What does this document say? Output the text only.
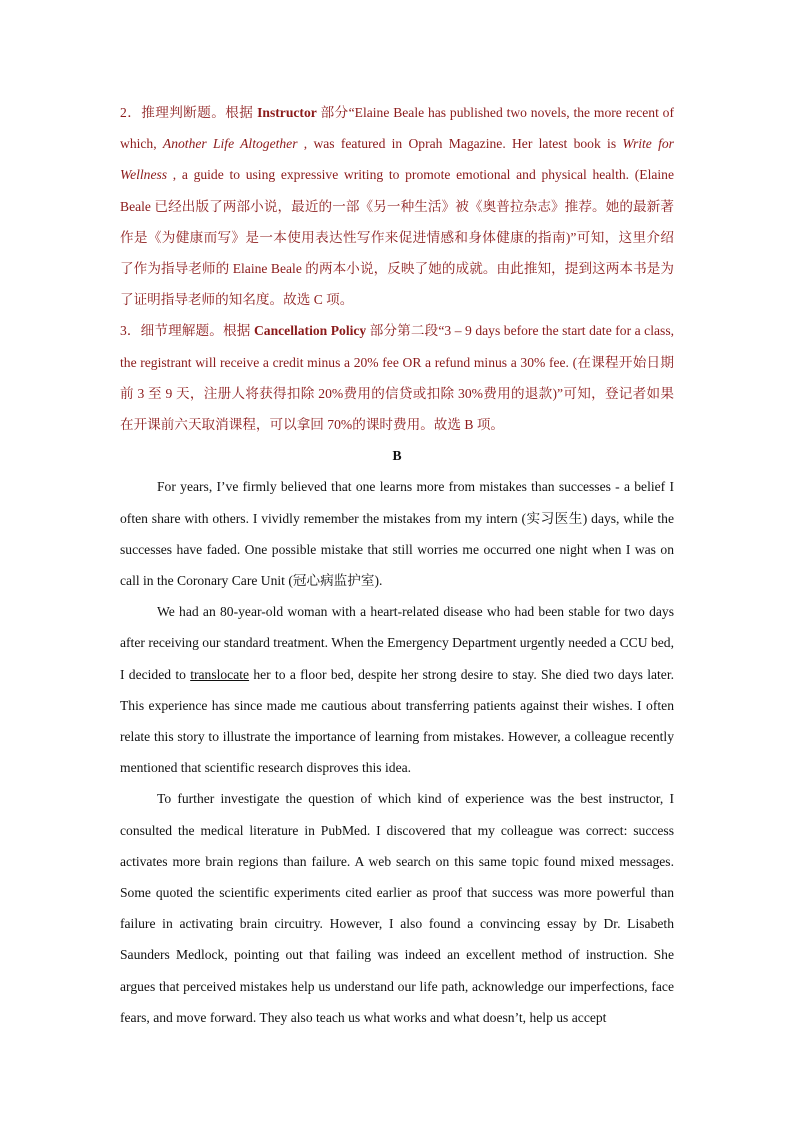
2．推理判断题。根据 Instructor 部分“Elaine Beale has published two novels, the more recent of which, Another Life Altogether , was featured in Oprah Magazine. Her latest book is Write for Wellness , a guide to using expressive writing to promote emotional and physical health. (Elaine Beale 已经出版了两部小说，最近的一部《另一种生活》被《奥普拉杂志》推荐。她的最新著作是《为健康而写》是一本使用表达性写作来促进情感和身体健康的指南)”可知，这里介绍了作为指导老师的 Elaine Beale 的两本小说，反映了她的成就。由此推知，提到这两本书是为了证明指导老师的知名度。故选 C 项。

3．细节理解题。根据 Cancellation Policy 部分第二段“3 – 9 days before the start date for a class, the registrant will receive a credit minus a 20% fee OR a refund minus a 30% fee. (在课程开始日期前 3 至 9 天，注册人将获得扣除 20%费用的信贷或扣除 30%费用的退款)”可知，登记者如果在开课前六天取消课程，可以拿回 70%的课时费用。故选 B 项。

B

For years, I’ve firmly believed that one learns more from mistakes than successes - a belief I often share with others. I vividly remember the mistakes from my intern (实习医生) days, while the successes have faded. One possible mistake that still worries me occurred one night when I was on call in the Coronary Care Unit (冠心病监护室).

We had an 80-year-old woman with a heart-related disease who had been stable for two days after receiving our standard treatment. When the Emergency Department urgently needed a CCU bed, I decided to translocate her to a floor bed, despite her strong desire to stay. She died two days later. This experience has since made me cautious about transferring patients against their wishes. I often relate this story to illustrate the importance of learning from mistakes. However, a colleague recently mentioned that scientific research disproves this idea.

To further investigate the question of which kind of experience was the best instructor, I consulted the medical literature in PubMed. I discovered that my colleague was correct: success activates more brain regions than failure. A web search on this same topic found mixed messages. Some quoted the scientific experiments cited earlier as proof that success was more powerful than failure in activating brain circuitry. However, I also found a convincing essay by Dr. Lisabeth Saunders Medlock, pointing out that failing was indeed an excellent method of instruction. She argues that perceived mistakes help us understand our life path, acknowledge our imperfections, face fears, and move forward. They also teach us what works and what doesn’t, help us accept
